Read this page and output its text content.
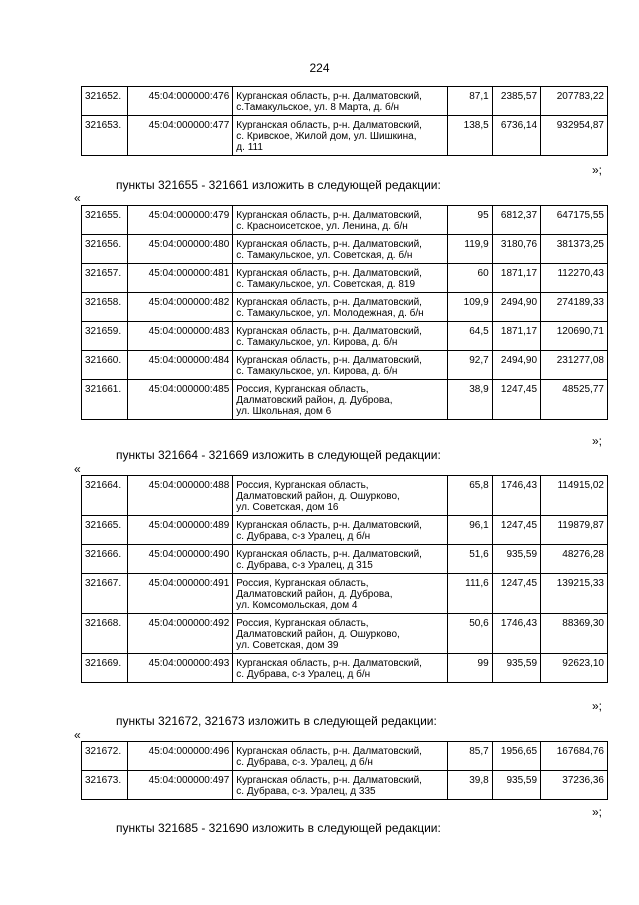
224
321652.	45:04:000000:476	Курганская область, р-н. Далматовский,
с.Тамакульское, ул. 8 Марта, д. б/н	87,1	2385,57	207783,22
321653.	45:04:000000:477	Курганская область, р-н. Далматовский,
с. Кривское, Жилой дом, ул. Шишкина,
д. 111	138,5	6736,14	932954,87
»;
пункты 321655 - 321661 изложить в следующей редакции:
«
321655.	45:04:000000:479	Курганская область, р-н. Далматовский,
с. Красноисетское, ул. Ленина, д. б/н	95	6812,37	647175,55
321656.	45:04:000000:480	Курганская область, р-н. Далматовский,
с. Тамакульское, ул. Советская, д. б/н	119,9	3180,76	381373,25
321657.	45:04:000000:481	Курганская область, р-н. Далматовский,
с. Тамакульское, ул. Советская, д. 819	60	1871,17	112270,43
321658.	45:04:000000:482	Курганская область, р-н. Далматовский,
с. Тамакульское, ул. Молодежная, д. б/н	109,9	2494,90	274189,33
321659.	45:04:000000:483	Курганская область, р-н. Далматовский,
с. Тамакульское, ул. Кирова, д. б/н	64,5	1871,17	120690,71
321660.	45:04:000000:484	Курганская область, р-н. Далматовский,
с. Тамакульское, ул. Кирова, д. б/н	92,7	2494,90	231277,08
321661.	45:04:000000:485	Россия, Курганская область,
Далматовский район, д. Дуброва,
ул. Школьная, дом 6	38,9	1247,45	48525,77
»;
пункты 321664 - 321669 изложить в следующей редакции:
«
321664.	45:04:000000:488	Россия, Курганская область,
Далматовский район, д. Ошурково,
ул. Советская, дом 16	65,8	1746,43	114915,02
321665.	45:04:000000:489	Курганская область, р-н. Далматовский,
с. Дубрава, с-з Уралец, д б/н	96,1	1247,45	119879,87
321666.	45:04:000000:490	Курганская область, р-н. Далматовский,
с. Дубрава, с-з Уралец, д 315	51,6	935,59	48276,28
321667.	45:04:000000:491	Россия, Курганская область,
Далматовский район, д. Дуброва,
ул. Комсомольская, дом 4	111,6	1247,45	139215,33
321668.	45:04:000000:492	Россия, Курганская область,
Далматовский район, д. Ошурково,
ул. Советская, дом 39	50,6	1746,43	88369,30
321669.	45:04:000000:493	Курганская область, р-н. Далматовский,
с. Дубрава, с-з Уралец, д б/н	99	935,59	92623,10
»;
пункты 321672, 321673 изложить в следующей редакции:
«
321672.	45:04:000000:496	Курганская область, р-н. Далматовский,
с. Дубрава, с-з. Уралец, д б/н	85,7	1956,65	167684,76
321673.	45:04:000000:497	Курганская область, р-н. Далматовский,
с. Дубрава, с-з. Уралец, д 335	39,8	935,59	37236,36
»;
пункты 321685 - 321690 изложить в следующей редакции:
